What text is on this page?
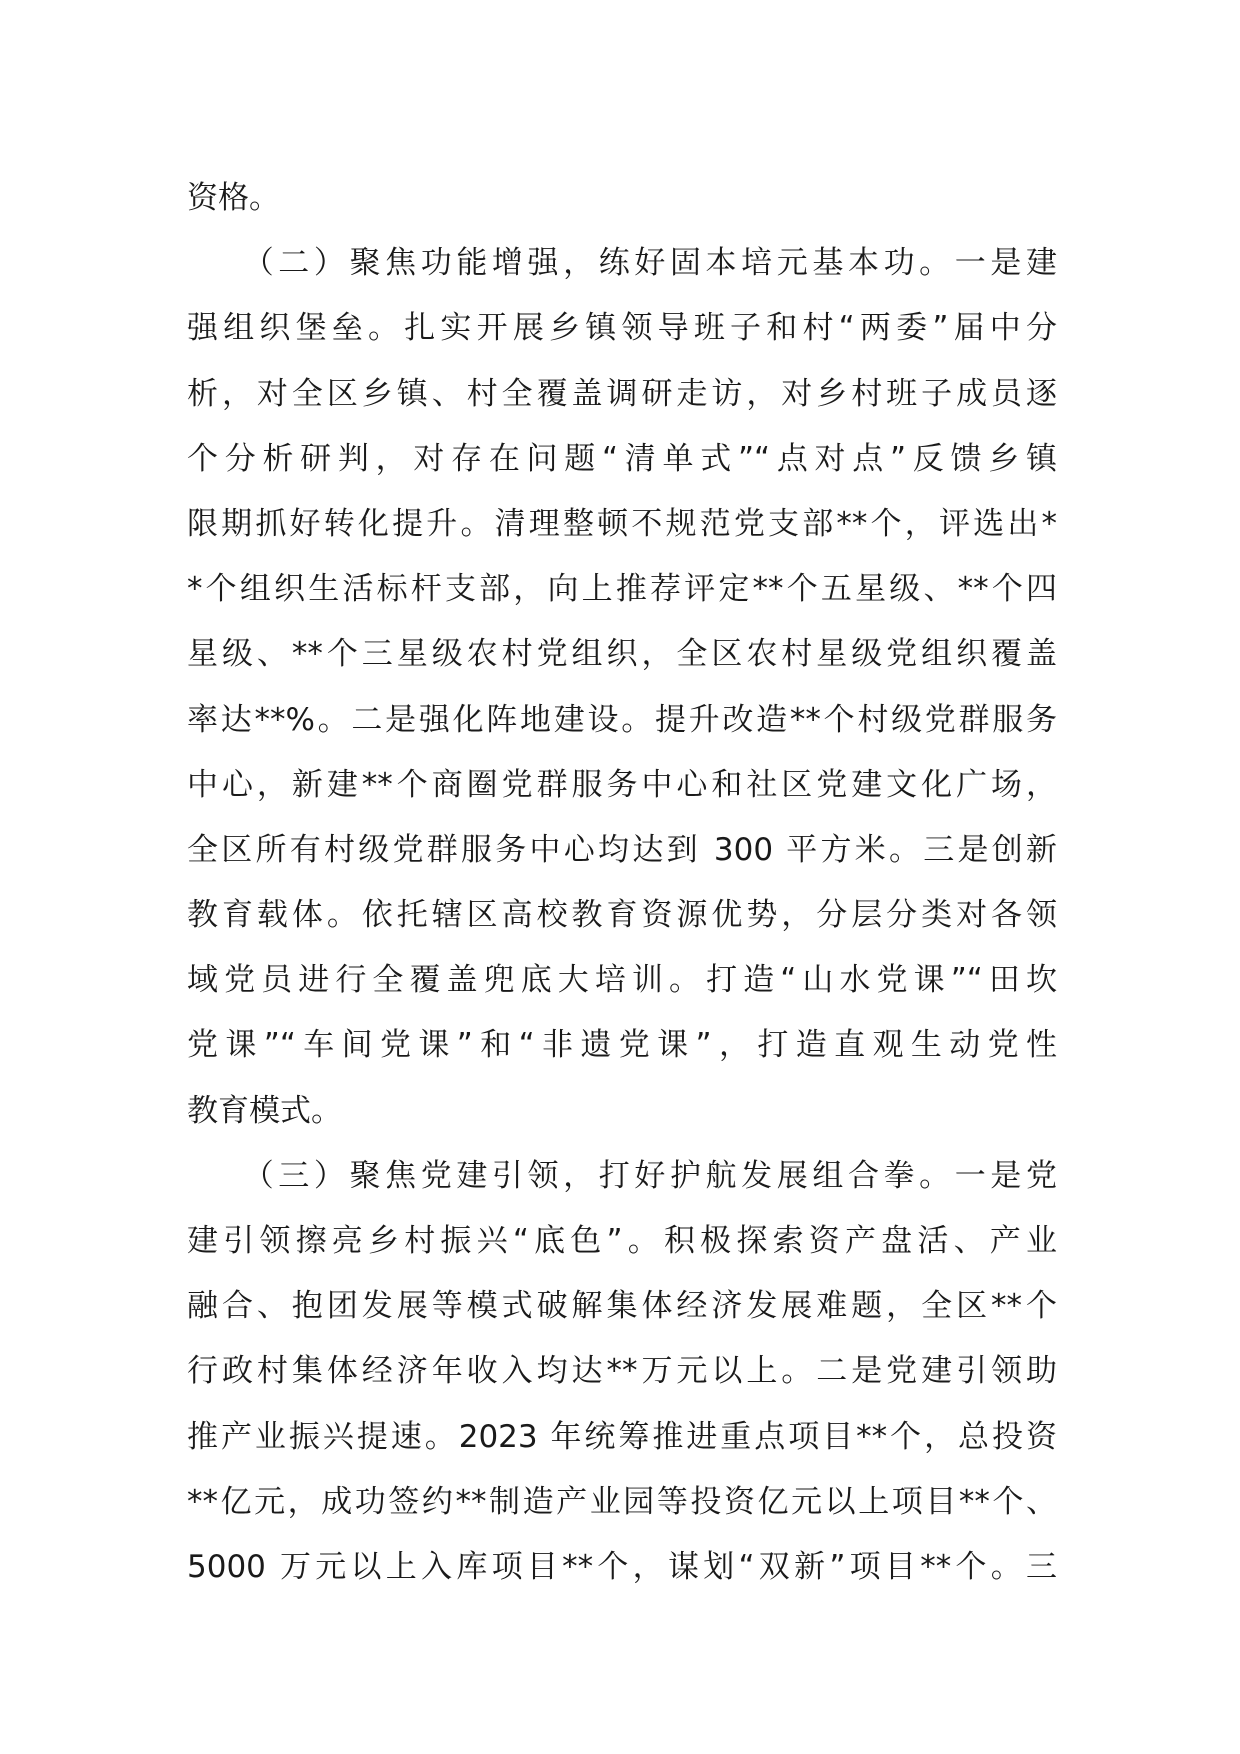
资格。
　　（二）聚焦功能增强，练好固本培元基本功。一是建
强组织堡垒。扎实开展乡镇领导班子和村“两委”届中分
析，对全区乡镇、村全覆盖调研走访，对乡村班子成员逐
个分析研判，对存在问题“清单式”“点对点”反馈乡镇
限期抓好转化提升。清理整顿不规范党支部**个，评选出*
*个组织生活标杆支部，向上推荐评定**个五星级、**个四
星级、**个三星级农村党组织，全区农村星级党组织覆盖
率达**%。二是强化阵地建设。提升改造**个村级党群服务
中心，新建**个商圈党群服务中心和社区党建文化广场，
全区所有村级党群服务中心均达到 300 平方米。三是创新
教育载体。依托辖区高校教育资源优势，分层分类对各领
域党员进行全覆盖兜底大培训。打造“山水党课”“田坎
党课”“车间党课”和“非遗党课”，打造直观生动党性
教育模式。
　　（三）聚焦党建引领，打好护航发展组合拳。一是党
建引领擦亮乡村振兴“底色”。积极探索资产盘活、产业
融合、抱团发展等模式破解集体经济发展难题，全区**个
行政村集体经济年收入均达**万元以上。二是党建引领助
推产业振兴提速。2023 年统筹推进重点项目**个，总投资
**亿元，成功签约**制造产业园等投资亿元以上项目**个、
5000 万元以上入库项目**个，谋划“双新”项目**个。三
